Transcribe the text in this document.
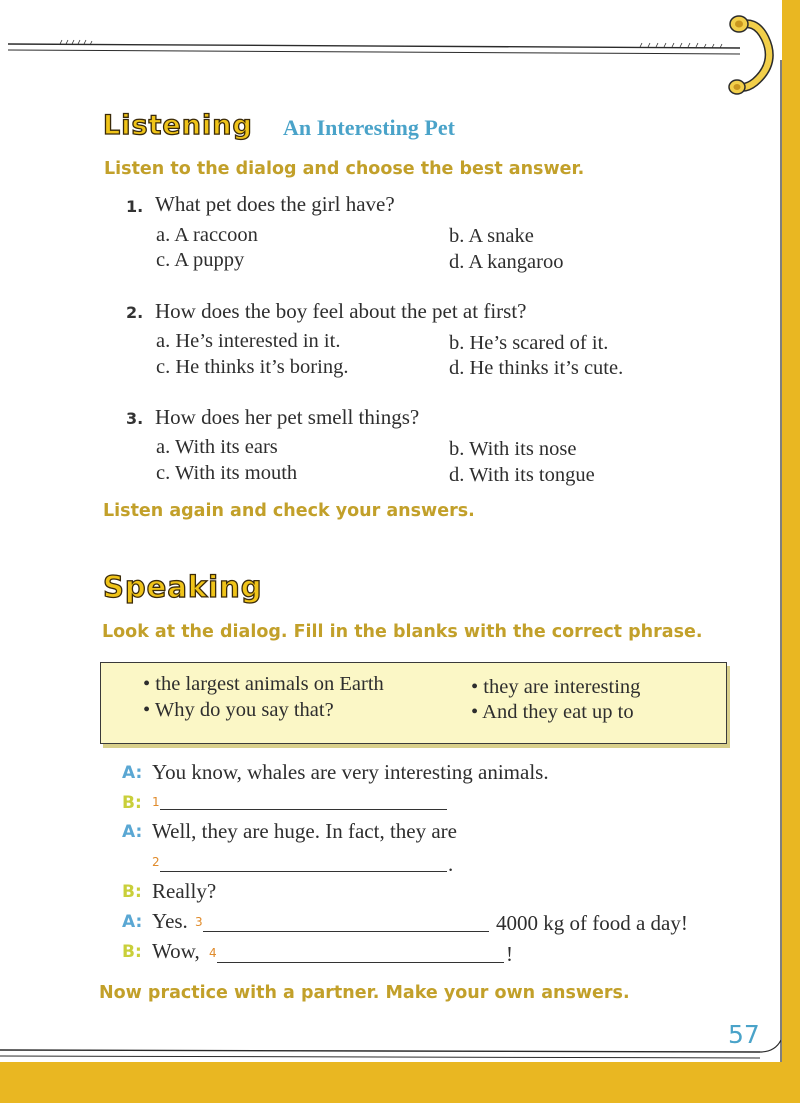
Listening An Interesting Pet
Listen to the dialog and choose the best answer.
1. What pet does the girl have?
a. A raccoon	b. A snake
c. A puppy	d. A kangaroo
2. How does the boy feel about the pet at first?
a. He’s interested in it.	b. He’s scared of it.
c. He thinks it’s boring.	d. He thinks it’s cute.
3. How does her pet smell things?
a. With its ears	b. With its nose
c. With its mouth	d. With its tongue
Listen again and check your answers.
Speaking
Look at the dialog. Fill in the blanks with the correct phrase.
• the largest animals on Earth
• Why do you say that?
• they are interesting
• And they eat up to
A: You know, whales are very interesting animals.
B: 1
A: Well, they are huge. In fact, they are
2	.
B: Really?
A: Yes. 3	4000 kg of food a day!
B: Wow, 4	!
Now practice with a partner. Make your own answers.
57
